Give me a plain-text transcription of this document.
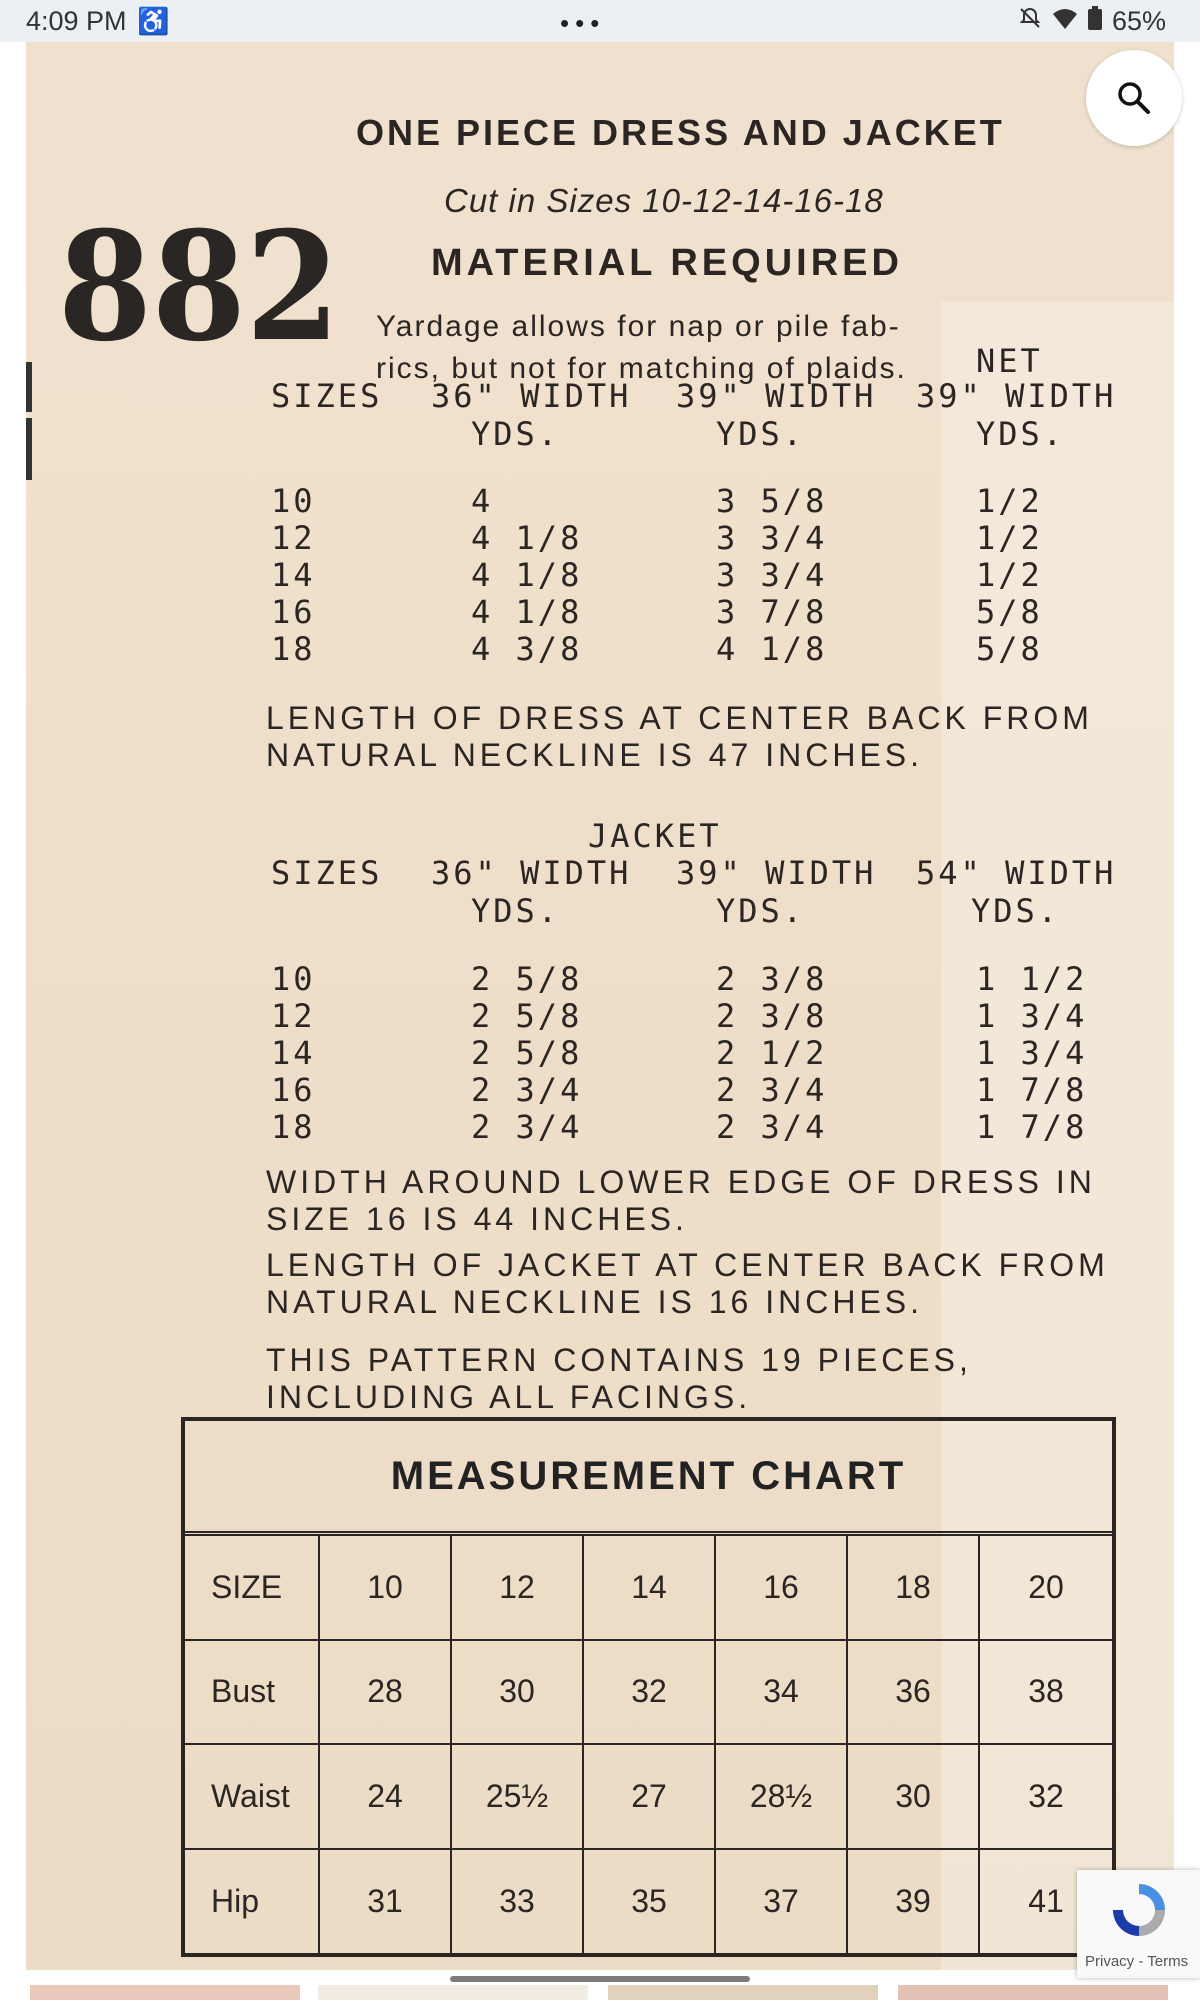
4:09 PM ♿	•••	65%
882
ONE PIECE DRESS AND JACKET
Cut in Sizes 10-12-14-16-18
MATERIAL REQUIRED
Yardage allows for nap or pile fab-
rics, but not for matching of plaids. NET
SIZES 36" WIDTH 39" WIDTH 39" WIDTH
YDS.	YDS.	YDS.
10	4	3 5/8	1/2
12	4 1/8	3 3/4	1/2
14	4 1/8	3 3/4	1/2
16	4 1/8	3 7/8	5/8
18	4 3/8	4 1/8	5/8
LENGTH OF DRESS AT CENTER BACK FROM
NATURAL NECKLINE IS 47 INCHES.
JACKET
SIZES 36" WIDTH 39" WIDTH 54" WIDTH
YDS.	YDS.	YDS.
10	2 5/8	2 3/8	1 1/2
12	2 5/8	2 3/8	1 3/4
14	2 5/8	2 1/2	1 3/4
16	2 3/4	2 3/4	1 7/8
18	2 3/4	2 3/4	1 7/8
WIDTH AROUND LOWER EDGE OF DRESS IN
SIZE 16 IS 44 INCHES.
LENGTH OF JACKET AT CENTER BACK FROM
NATURAL NECKLINE IS 16 INCHES.
THIS PATTERN CONTAINS 19 PIECES,
INCLUDING ALL FACINGS.
MEASUREMENT CHART
SIZE	10	12	14	16	18	20
Bust	28	30	32	34	36	38
Waist	24	25½	27	28½	30	32
Hip	31	33	35	37	39	41
Privacy - Terms
